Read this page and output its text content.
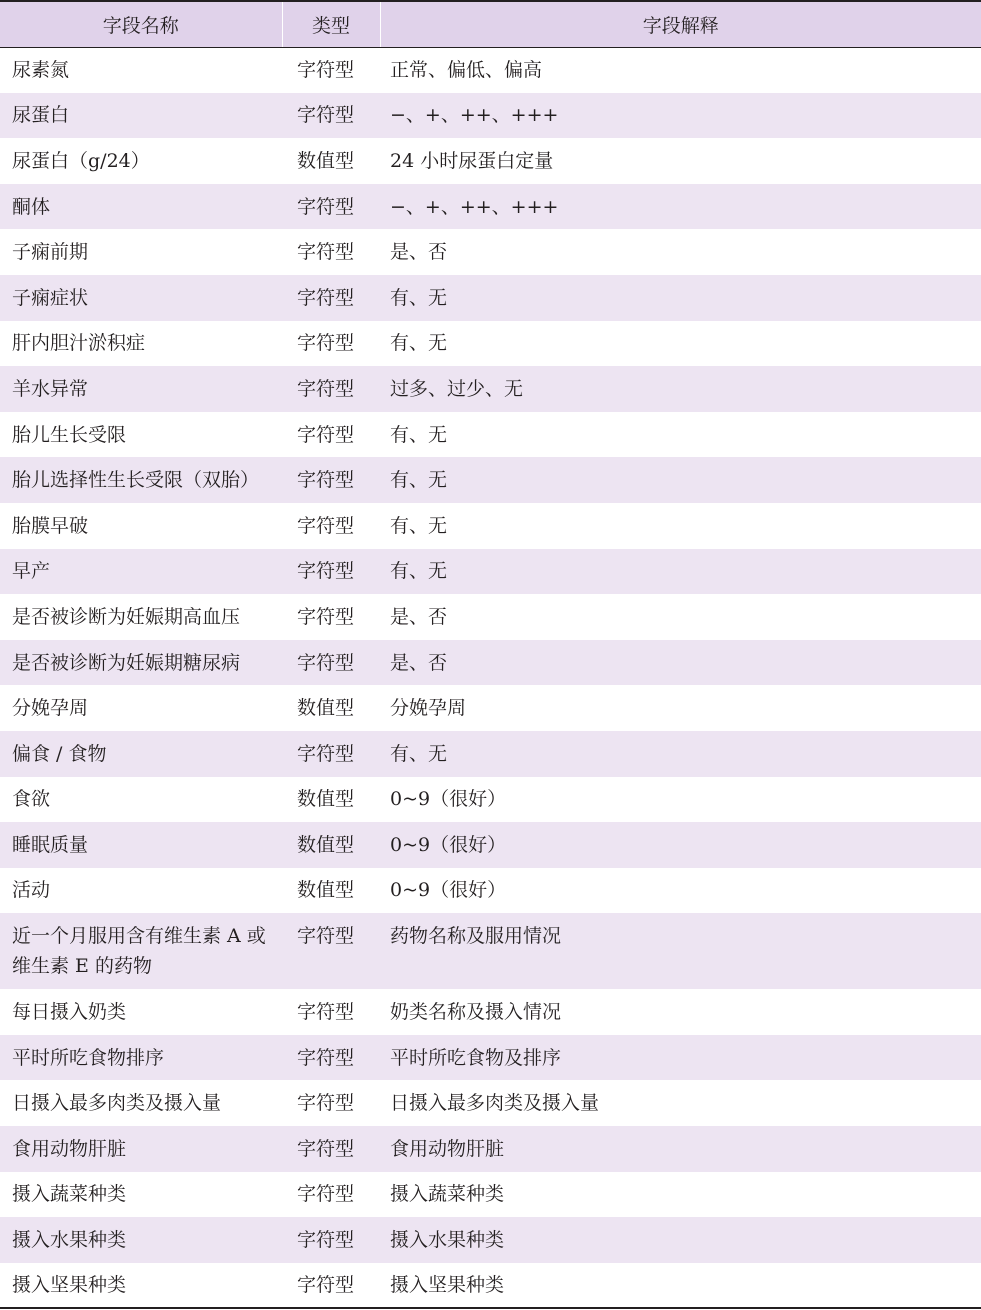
字段名称	类型	字段解释
尿素氮	字符型	正常、偏低、偏高
尿蛋白	字符型	−、+、++、+++
尿蛋白（g/24）	数值型	24 小时尿蛋白定量
酮体	字符型	−、+、++、+++
子痫前期	字符型	是、否
子痫症状	字符型	有、无
肝内胆汁淤积症	字符型	有、无
羊水异常	字符型	过多、过少、无
胎儿生长受限	字符型	有、无
胎儿选择性生长受限（双胎）	字符型	有、无
胎膜早破	字符型	有、无
早产	字符型	有、无
是否被诊断为妊娠期高血压	字符型	是、否
是否被诊断为妊娠期糖尿病	字符型	是、否
分娩孕周	数值型	分娩孕周
偏食 / 食物	字符型	有、无
食欲	数值型	0~9（很好）
睡眠质量	数值型	0~9（很好）
活动	数值型	0~9（很好）
近一个月服用含有维生素 A 或维生素 E 的药物	字符型	药物名称及服用情况
每日摄入奶类	字符型	奶类名称及摄入情况
平时所吃食物排序	字符型	平时所吃食物及排序
日摄入最多肉类及摄入量	字符型	日摄入最多肉类及摄入量
食用动物肝脏	字符型	食用动物肝脏
摄入蔬菜种类	字符型	摄入蔬菜种类
摄入水果种类	字符型	摄入水果种类
摄入坚果种类	字符型	摄入坚果种类
